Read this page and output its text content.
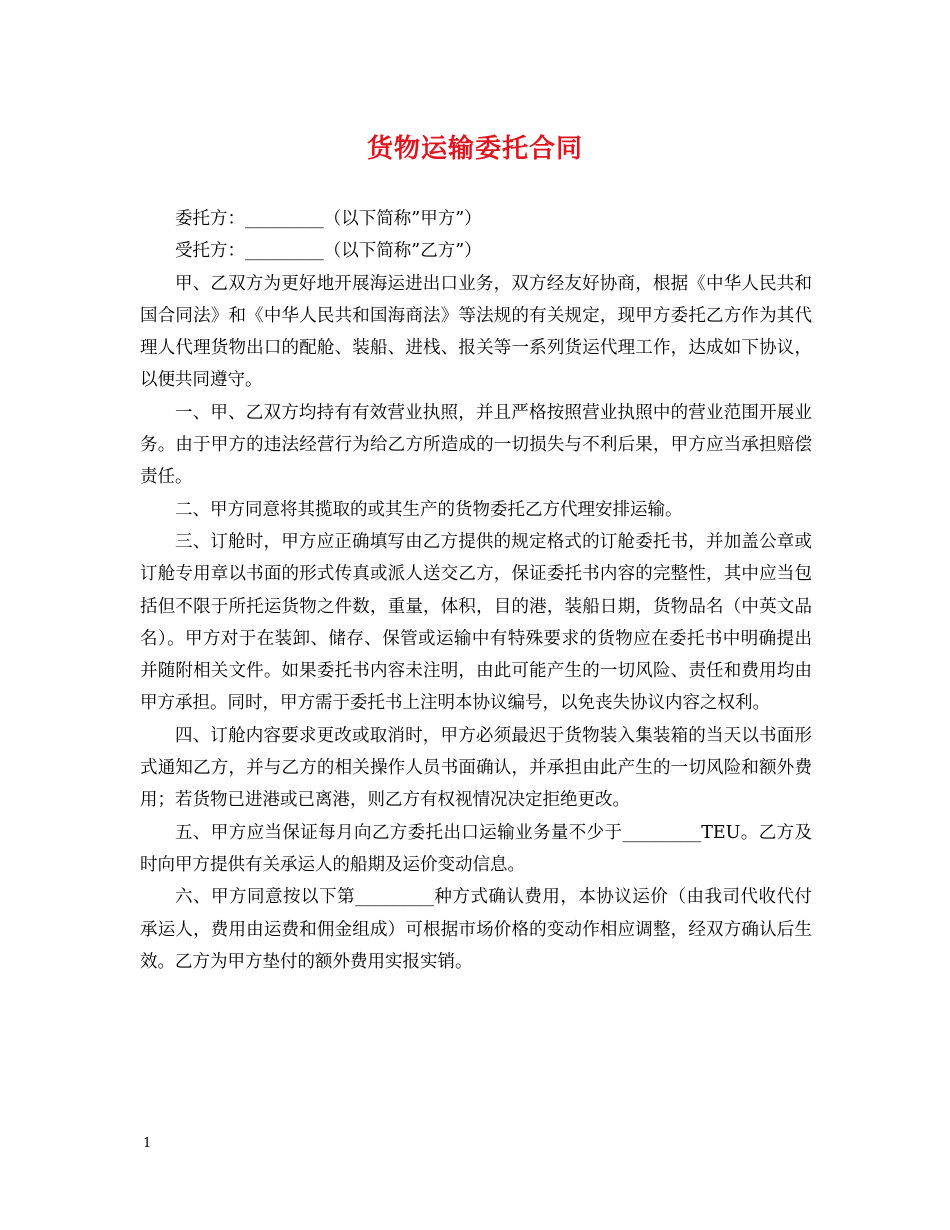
货物运输委托合同

委托方：_________（以下简称”甲方”）

受托方：_________（以下简称”乙方”）

甲、乙双方为更好地开展海运进出口业务，双方经友好协商，根据《中华人民共和国合同法》和《中华人民共和国海商法》等法规的有关规定，现甲方委托乙方作为其代理人代理货物出口的配舱、装船、进栈、报关等一系列货运代理工作，达成如下协议，以便共同遵守。

一、甲、乙双方均持有有效营业执照，并且严格按照营业执照中的营业范围开展业务。由于甲方的违法经营行为给乙方所造成的一切损失与不利后果，甲方应当承担赔偿责任。

二、甲方同意将其揽取的或其生产的货物委托乙方代理安排运输。

三、订舱时，甲方应正确填写由乙方提供的规定格式的订舱委托书，并加盖公章或订舱专用章以书面的形式传真或派人送交乙方，保证委托书内容的完整性，其中应当包括但不限于所托运货物之件数，重量，体积，目的港，装船日期，货物品名（中英文品名）。甲方对于在装卸、储存、保管或运输中有特殊要求的货物应在委托书中明确提出并随附相关文件。如果委托书内容未注明，由此可能产生的一切风险、责任和费用均由甲方承担。同时，甲方需于委托书上注明本协议编号，以免丧失协议内容之权利。

四、订舱内容要求更改或取消时，甲方必须最迟于货物装入集装箱的当天以书面形式通知乙方，并与乙方的相关操作人员书面确认，并承担由此产生的一切风险和额外费用；若货物已进港或已离港，则乙方有权视情况决定拒绝更改。

五、甲方应当保证每月向乙方委托出口运输业务量不少于_________TEU。乙方及时向甲方提供有关承运人的船期及运价变动信息。

六、甲方同意按以下第_________种方式确认费用，本协议运价（由我司代收代付承运人，费用由运费和佣金组成）可根据市场价格的变动作相应调整，经双方确认后生效。乙方为甲方垫付的额外费用实报实销。

1
